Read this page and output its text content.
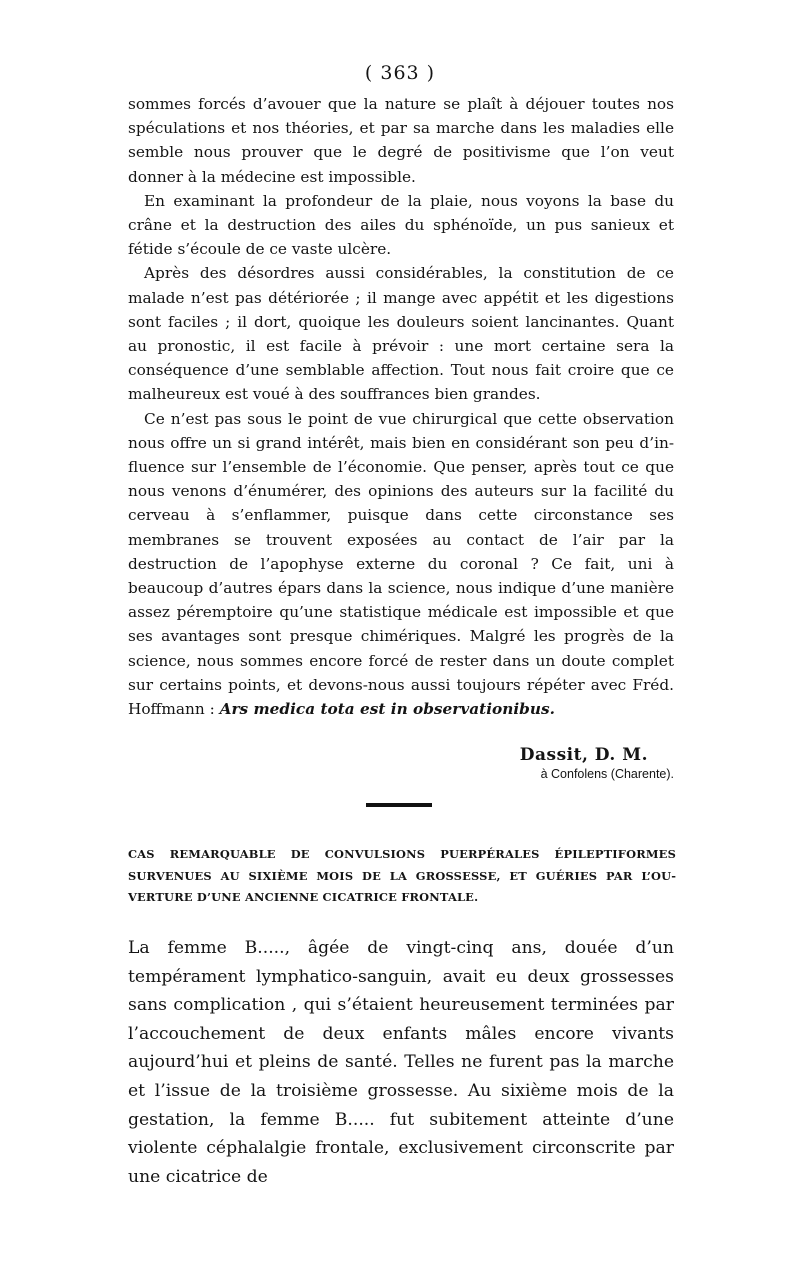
( 363 )

sommes forcés d’avouer que la nature se plaît à déjouer toutes nos spéculations et nos théories, et par sa marche dans les maladies elle semble nous prouver que le degré de positivisme que l’on veut donner à la médecine est impossible.

En examinant la profondeur de la plaie, nous voyons la base du crâne et la destruction des ailes du sphénoïde, un pus sanieux et fétide s’écoule de ce vaste ulcère.

Après des désordres aussi considérables, la constitution de ce malade n’est pas détériorée ; il mange avec appétit et les digestions sont faciles ; il dort, quoique les douleurs soient lancinantes. Quant au pronostic, il est facile à prévoir : une mort certaine sera la conséquence d’une semblable affection. Tout nous fait croire que ce malheureux est voué à des souffrances bien grandes.

Ce n’est pas sous le point de vue chirurgical que cette observation nous offre un si grand intérêt, mais bien en considérant son peu d’influence sur l’ensemble de l’économie. Que penser, après tout ce que nous venons d’énumérer, des opinions des auteurs sur la facilité du cerveau à s’enflammer, puisque dans cette circonstance ses membranes se trouvent exposées au contact de l’air par la destruction de l’apophyse externe du coronal ? Ce fait, uni à beaucoup d’autres épars dans la science, nous indique d’une manière assez péremptoire qu’une statistique médicale est impossible et que ses avantages sont presque chimériques. Malgré les progrès de la science, nous sommes encore forcé de rester dans un doute complet sur certains points, et devons-nous aussi toujours répéter avec Fréd. Hoffmann : Ars medica tota est in observationibus.

Dassit, D. M.
à Confolens (Charente).
CAS REMARQUABLE DE CONVULSIONS PUERPÉRALES ÉPILEPTIFORMES SURVENUES AU SIXIÈME MOIS DE LA GROSSESSE, ET GUÉRIES PAR L’OUVERTURE D’UNE ANCIENNE CICATRICE FRONTALE.

La femme B....., âgée de vingt-cinq ans, douée d’un tempérament lymphatico-sanguin, avait eu deux grossesses sans complication , qui s’étaient heureusement terminées par l’accouchement de deux enfants mâles encore vivants aujourd’hui et pleins de santé. Telles ne furent pas la marche et l’issue de la troisième grossesse. Au sixième mois de la gestation, la femme B..... fut subitement atteinte d’une violente céphalalgie frontale, exclusivement circonscrite par une cicatrice de
